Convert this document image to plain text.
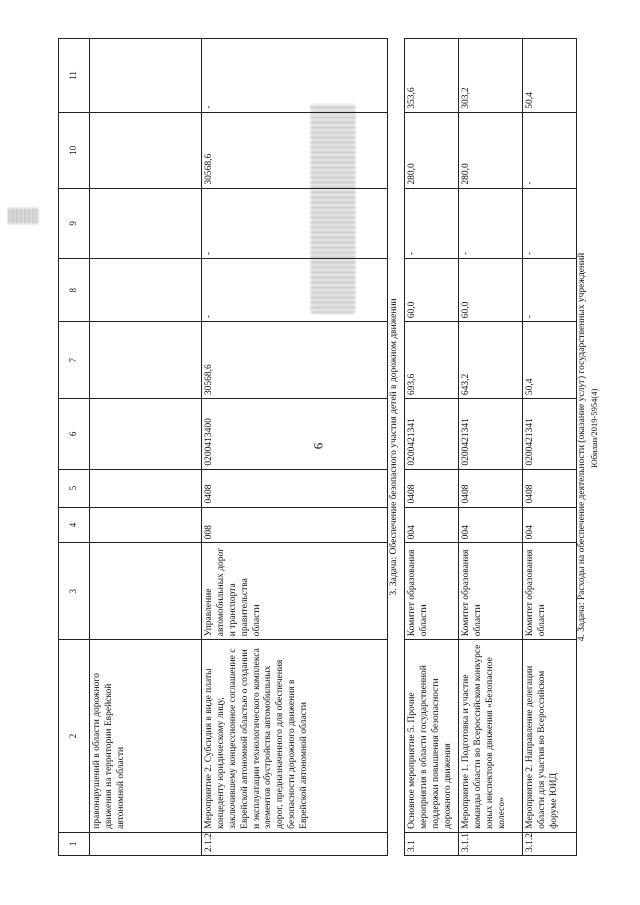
6	Юбилан/2019-5954(4)
1	2	3	4	5	6	7	8	9	10	11
	правонарушений в области дорожного движения на территории Еврейской автономной области									
2.1.2	Мероприятие 2. Субсидия в виде платы концеденту юридическому лицу, заключившему концессионное соглашение с Еврейской автономной областью о создании и эксплуатации технологического комплекса элементов обустройства автомобильных дорог, предназначенного для обеспечения безопасности дорожного движения в Еврейской автономной области	Управление автомобильных дорог и транспорта правительства области	008	0408	0200413400	30568,6	-	-	30568,6	-
3. Задача: Обеспечение безопасного участия детей в дорожном движении										
3.1	Основное мероприятие 5. Прочие мероприятия в области государственной поддержки повышения безопасности дорожного движения	Комитет образования области	004	0408	0200421341	693,6	60,0	-	280,0	353,6
3.1.1	Мероприятие 1. Подготовка и участие команды области во Всероссийском конкурсе юных инспекторов движения «Безопасное колесо»	Комитет образования области	004	0408	0200421341	643,2	60,0	-	280,0	303,2
3.1.2	Мероприятие 2. Направление делегации области для участия во Всероссийском форуме ЮИД	Комитет образования области	004	0408	0200421341	50,4	-	-	-	50,4
4. Задача: Расходы на обеспечение деятельности (оказание услуг) государственных учреждений
